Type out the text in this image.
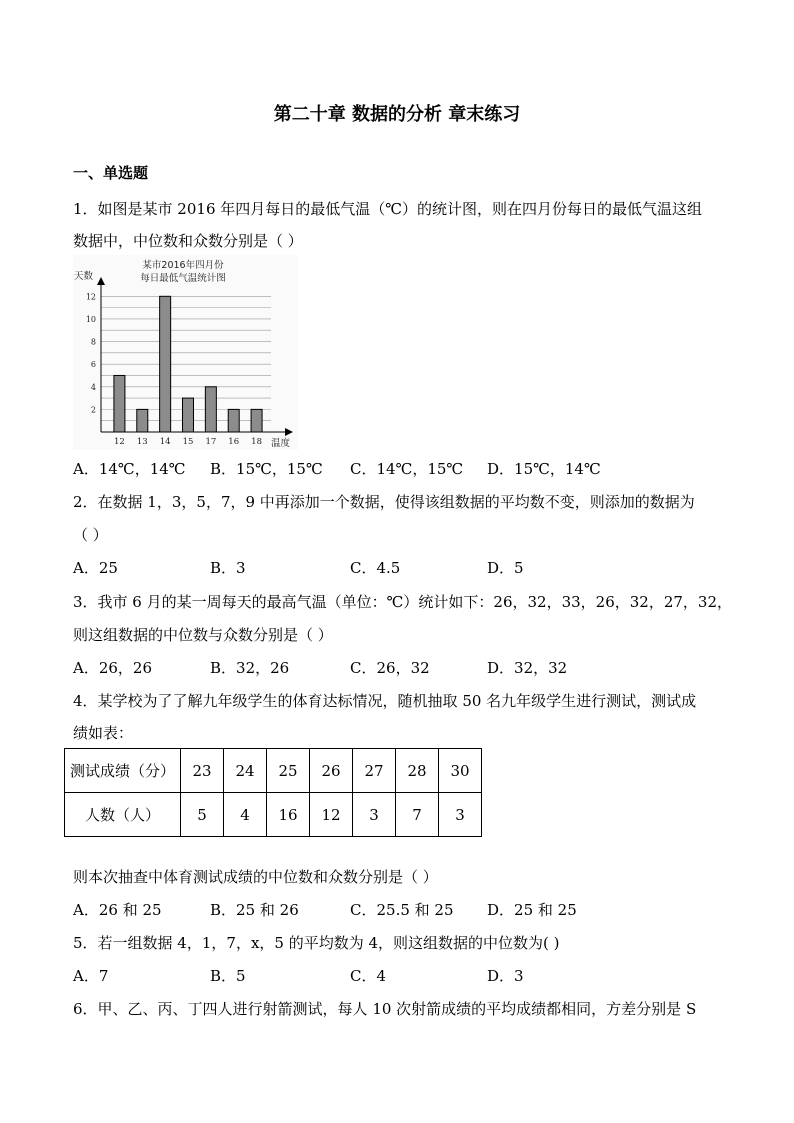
第二十章 数据的分析 章末练习
一、单选题
1．如图是某市 2016 年四月每日的最低气温（℃）的统计图，则在四月份每日的最低气温这组
数据中，中位数和众数分别是（ ）
某市2016年四月份
每日最低气温统计图
天数
温度
2
4
6
8
10
12
12 13 14 15 17 16 18
A．14℃，14℃ B．15℃，15℃ C．14℃，15℃ D．15℃，14℃
2．在数据 1，3，5，7，9 中再添加一个数据，使得该组数据的平均数不变，则添加的数据为
（ ）
A．25	B．3	C．4.5	D．5
3．我市 6 月的某一周每天的最高气温（单位：℃）统计如下：26，32，33，26，32，27，32，
则这组数据的中位数与众数分别是（ ）
A．26，26	B．32，26	C．26，32	D．32，32
4．某学校为了了解九年级学生的体育达标情况，随机抽取 50 名九年级学生进行测试，测试成
绩如表：
测试成绩（分）	23	24	25	26	27	28	30
人数（人）	5	4	16	12	3	7	3
则本次抽查中体育测试成绩的中位数和众数分别是（ ）
A．26 和 25	B．25 和 26	C．25.5 和 25 D．25 和 25
5．若一组数据 4，1，7，x，5 的平均数为 4，则这组数据的中位数为( )
A．7	B．5	C．4	D．3
6．甲、乙、丙、丁四人进行射箭测试，每人 10 次射箭成绩的平均成绩都相同，方差分别是 S
